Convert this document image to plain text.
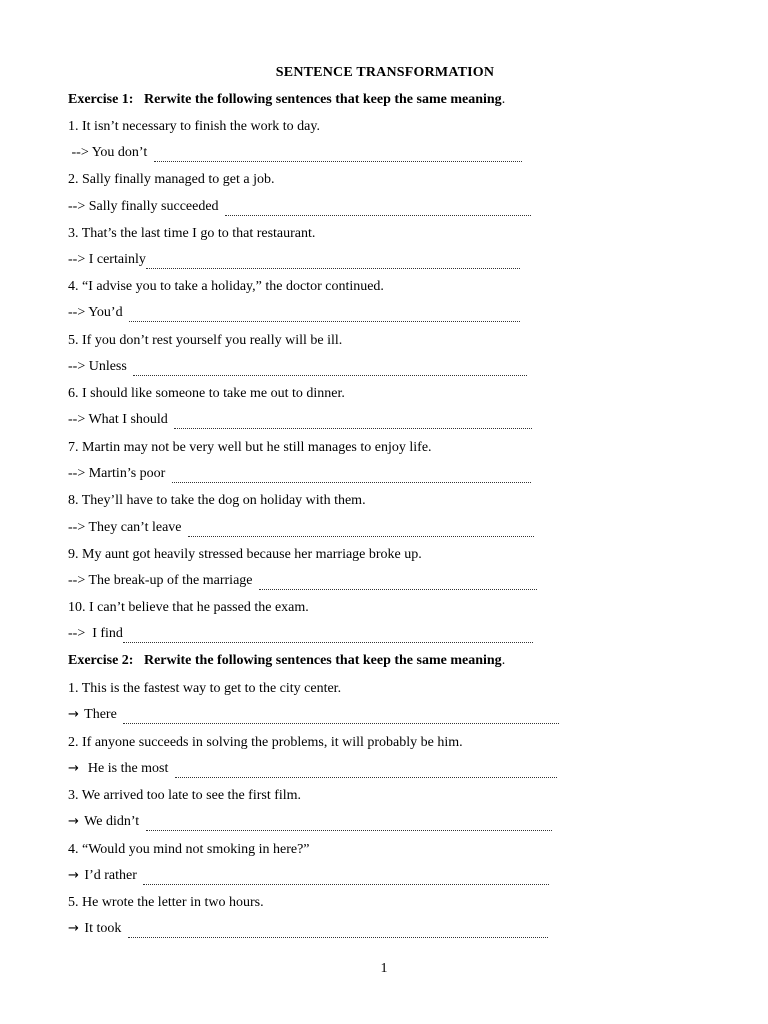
SENTENCE TRANSFORMATION
Exercise 1: Rerwite the following sentences that keep the same meaning.
1. It isn’t necessary to finish the work to day.
--> You don’t
2. Sally finally managed to get a job.
--> Sally finally succeeded
3. That’s the last time I go to that restaurant.
--> I certainly
4. “I advise you to take a holiday,” the doctor continued.
--> You’d
5. If you don’t rest yourself you really will be ill.
--> Unless
6. I should like someone to take me out to dinner.
--> What I should
7. Martin may not be very well but he still manages to enjoy life.
--> Martin’s poor
8. They’ll have to take the dog on holiday with them.
--> They can’t leave
9. My aunt got heavily stressed because her marriage broke up.
--> The break-up of the marriage
10. I can’t believe that he passed the exam.
-->  I find
Exercise 2: Rerwite the following sentences that keep the same meaning.
1. This is the fastest way to get to the city center.
→ There
2. If anyone succeeds in solving the problems, it will probably be him.
→ He is the most
3. We arrived too late to see the first film.
→ We didn’t
4. “Would you mind not smoking in here?”
→ I’d rather
5. He wrote the letter in two hours.
→ It took
1
